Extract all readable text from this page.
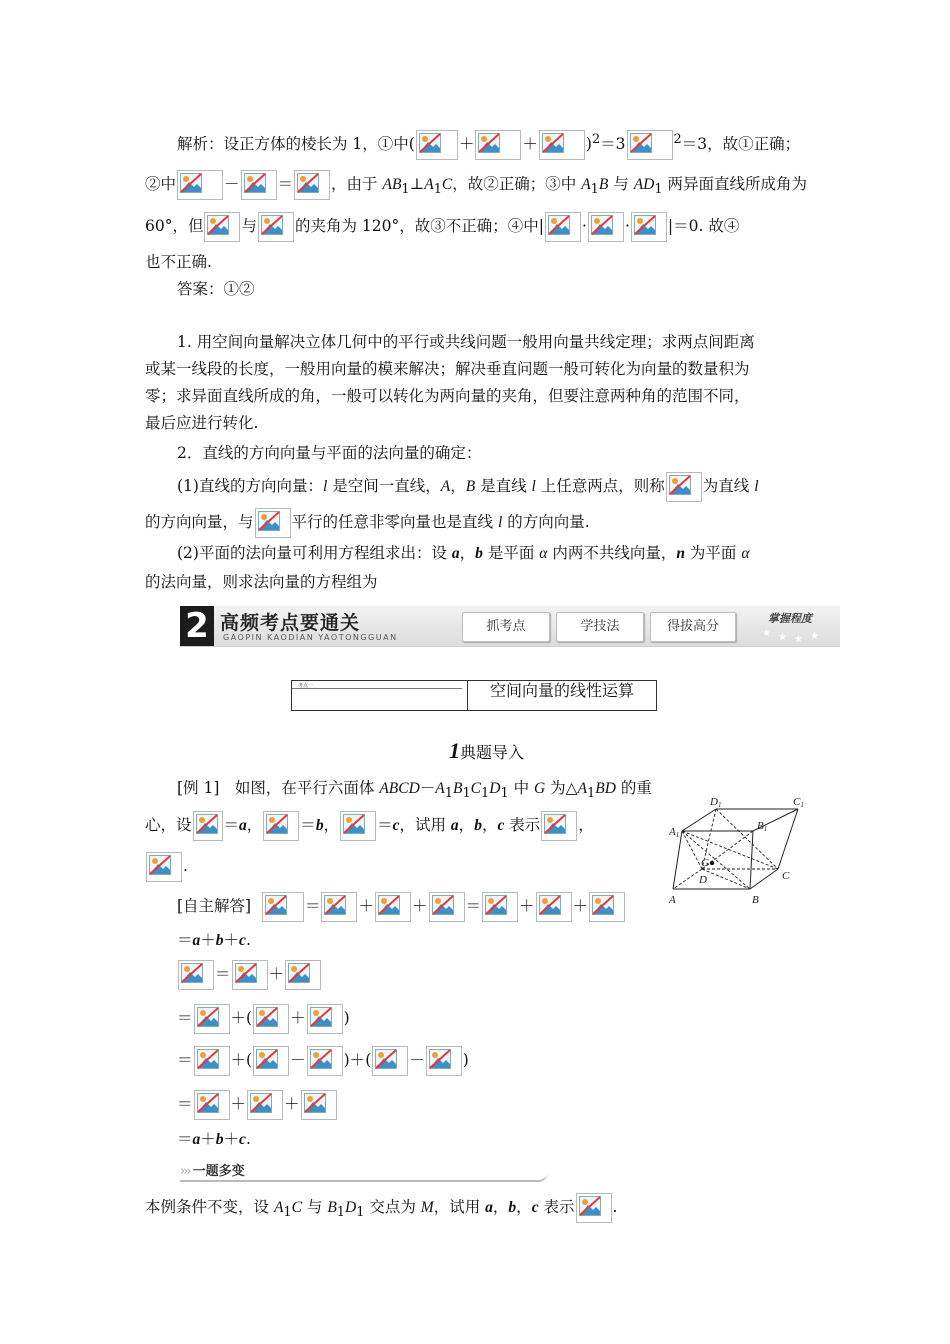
解析：设正方体的棱长为 1，①中(	＋	＋	)$^2$＝3	$^2$＝3，故①正确；
②中	－ ＝ ，由于 $AB_1\perp A_1C$，故②正确；③中 $A_1B$ 与 $AD_1$ 两异面直线所成角为
60°，但 与 的夹角为 120°，故③不正确；④中| · · |＝0. 故④
也不正确.
答案：①②
1. 用空间向量解决立体几何中的平行或共线问题一般用向量共线定理；求两点间距离
或某一线段的长度，一般用向量的模来解决；解决垂直问题一般可转化为向量的数量积为
零；求异面直线所成的角，一般可以转化为两向量的夹角，但要注意两种角的范围不同，
最后应进行转化.
2．直线的方向向量与平面的法向量的确定：
(1)直线的方向向量：l 是空间一直线，A，B 是直线 l 上任意两点，则称 为直线 l
的方向向量，与 平行的任意非零向量也是直线 l 的方向向量.
(2)平面的法向量可利用方程组求出：设 a，b 是平面 α 内两不共线向量，n 为平面 α
的法向量，则求法向量的方程组为
2 高频考点要通关
GAOPIN KAODIAN YAOTONGGUAN
抓考点	学技法	得拔高分
掌握程度
★ ★ ★ ★
考点一	空间向量的线性运算
1典题导入
[例 1]　如图，在平行六面体 $ABCD-A_1B_1C_1D_1$ 中 G 为$\triangle A_1BD$ 的重
心，设 ＝a， ＝b， ＝c，试用 a，b，c 表示 ，
.
D1	C1
A1
B1
G
D	C
A	B
[自主解答]	＝ ＋ ＋ ＝ ＋ ＋
＝a＋b＋c.
＝ ＋
＝ ＋( ＋ )
＝ ＋( － )＋( － )
＝ ＋ ＋
＝a＋b＋c.
››› 一题多变
本例条件不变，设 $A_1C$ 与 $B_1D_1$ 交点为 M，试用 a，b，c 表示 .
